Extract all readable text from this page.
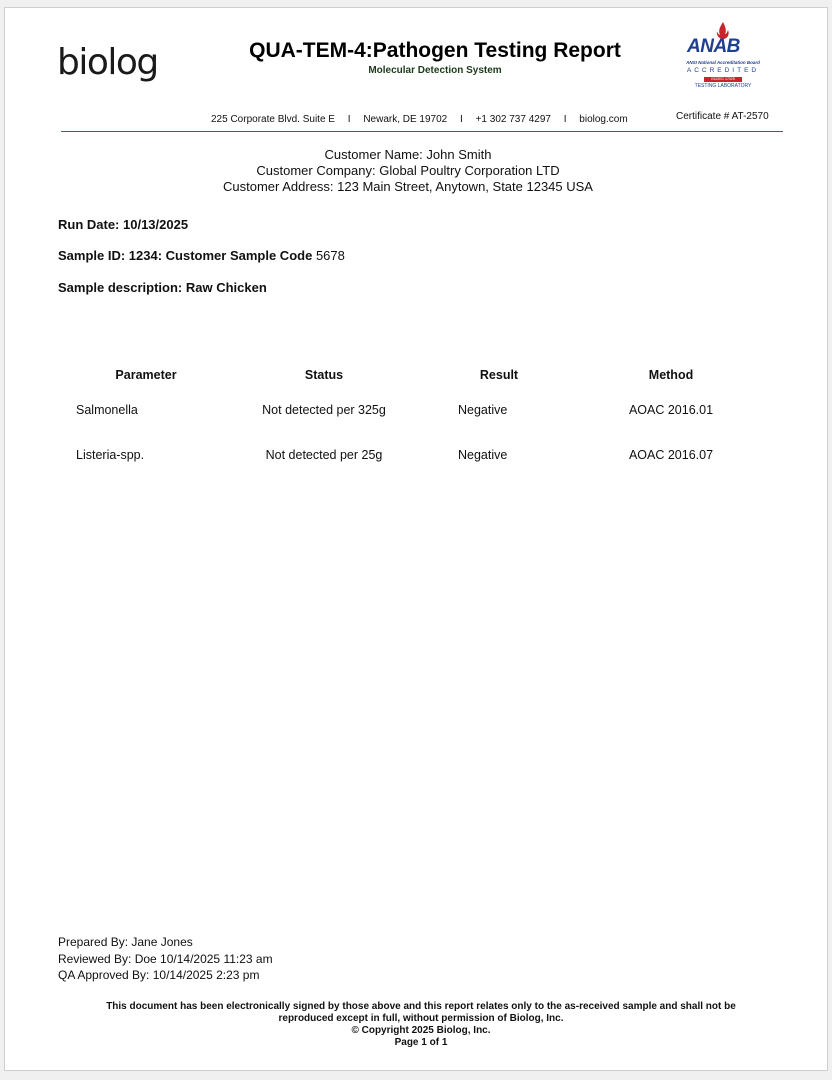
biolog	QUA-TEM-4:Pathogen Testing Report
Molecular Detection System
ANAB
ANSI National Accreditation Board
ACCREDITED
ISO/IEC 17025
TESTING LABORATORY
225 Corporate Blvd. Suite E I Newark, DE 19702 I +1 302 737 4297 I biolog.com	Certificate # AT-2570
Customer Name: John Smith
Customer Company: Global Poultry Corporation LTD
Customer Address: 123 Main Street, Anytown, State 12345 USA
Run Date: 10/13/2025
Sample ID: 1234: Customer Sample Code 5678
Sample description: Raw Chicken
Parameter	Status	Result	Method
Salmonella	Not detected per 325g	Negative	AOAC 2016.01
Listeria-spp.	Not detected per 25g	Negative	AOAC 2016.07
Prepared By: Jane Jones
Reviewed By: Doe 10/14/2025 11:23 am
QA Approved By: 10/14/2025 2:23 pm
This document has been electronically signed by those above and this report relates only to the as-received sample and shall not be
reproduced except in full, without permission of Biolog, Inc.
© Copyright 2025 Biolog, Inc.
Page 1 of 1
